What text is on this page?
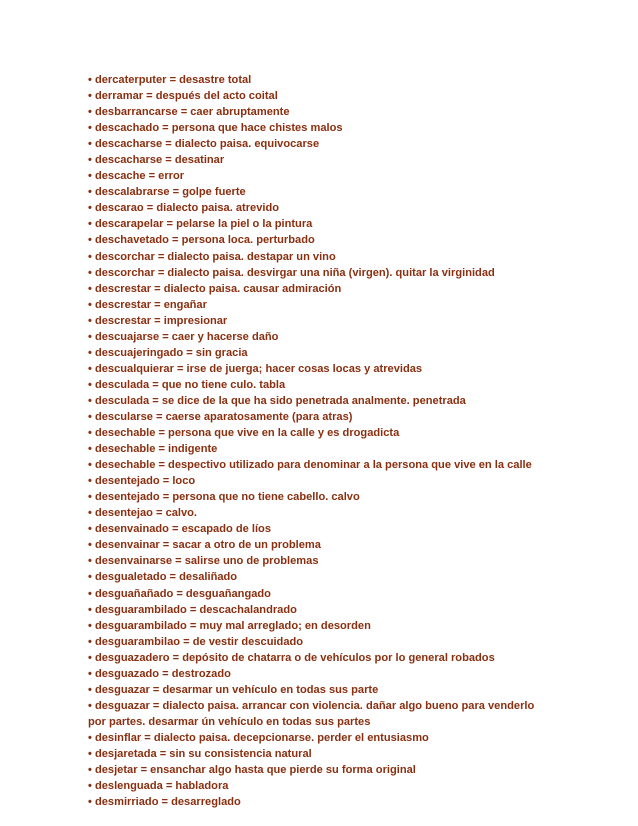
• dercaterputer = desastre total
• derramar = después del acto coital
• desbarrancarse = caer abruptamente
• descachado = persona que hace chistes malos
• descacharse = dialecto paisa. equivocarse
• descacharse = desatinar
• descache = error
• descalabrarse = golpe fuerte
• descarao = dialecto paisa. atrevido
• descarapelar = pelarse la piel o la pintura
• deschavetado = persona loca. perturbado
• descorchar = dialecto paisa. destapar un vino
• descorchar = dialecto paisa. desvirgar una niña (virgen). quitar la virginidad
• descrestar = dialecto paisa. causar admiración
• descrestar = engañar
• descrestar = impresionar
• descuajarse = caer y hacerse daño
• descuajeringado = sin gracia
• descualquierar = irse de juerga; hacer cosas locas y atrevidas
• desculada = que no tiene culo. tabla
• desculada = se dice de la que ha sido penetrada analmente. penetrada
• descularse = caerse aparatosamente (para atras)
• desechable = persona que vive en la calle y es drogadicta
• desechable = indigente
• desechable = despectivo utilizado para denominar a la persona que vive en la calle
• desentejado = loco
• desentejado = persona que no tiene cabello. calvo
• desentejao = calvo.
• desenvainado = escapado de líos
• desenvainar = sacar a otro de un problema
• desenvainarse = salirse uno de problemas
• desgualetado = desaliñado
• desguañañado = desguañangado
• desguarambilado = descachalandrado
• desguarambilado = muy mal arreglado; en desorden
• desguarambilao = de vestir descuidado
• desguazadero = depósito de chatarra o de vehículos por lo general robados
• desguazado = destrozado
• desguazar = desarmar un vehículo en todas sus parte
• desguazar = dialecto paisa. arrancar con violencia. dañar algo bueno para venderlo por partes. desarmar ún vehículo en todas sus partes
• desinflar = dialecto paisa. decepcionarse. perder el entusiasmo
• desjaretada = sin su consistencia natural
• desjetar = ensanchar algo hasta que pierde su forma original
• deslenguada = habladora
• desmirriado = desarreglado
